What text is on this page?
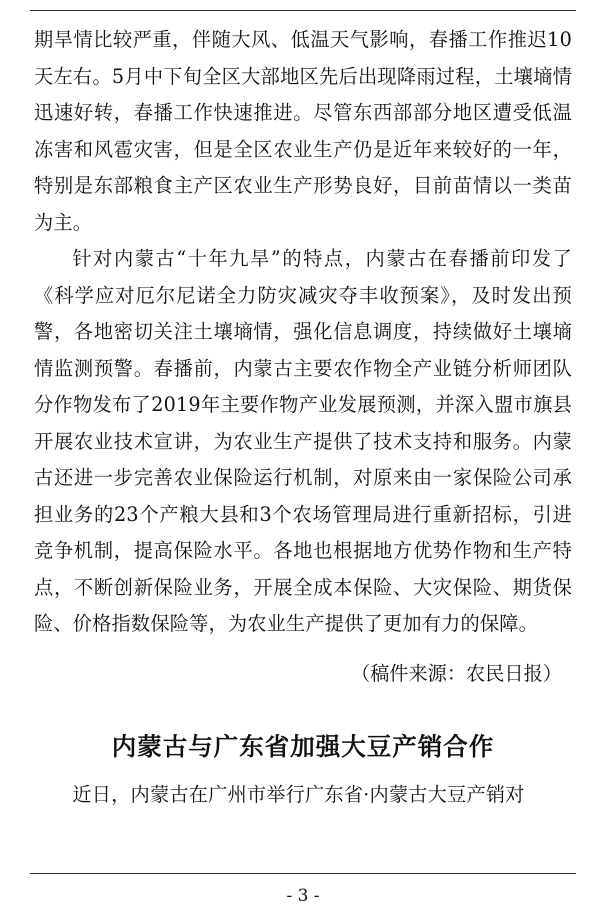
期旱情比较严重，伴随大风、低温天气影响，春播工作推迟10天左右。5月中下旬全区大部地区先后出现降雨过程，土壤墒情迅速好转，春播工作快速推进。尽管东西部部分地区遭受低温冻害和风雹灾害，但是全区农业生产仍是近年来较好的一年，特别是东部粮食主产区农业生产形势良好，目前苗情以一类苗为主。

针对内蒙古“十年九旱”的特点，内蒙古在春播前印发了《科学应对厄尔尼诺全力防灾减灾夺丰收预案》，及时发出预警，各地密切关注土壤墒情，强化信息调度，持续做好土壤墒情监测预警。春播前，内蒙古主要农作物全产业链分析师团队分作物发布了2019年主要作物产业发展预测，并深入盟市旗县开展农业技术宣讲，为农业生产提供了技术支持和服务。内蒙古还进一步完善农业保险运行机制，对原来由一家保险公司承担业务的23个产粮大县和3个农场管理局进行重新招标，引进竞争机制，提高保险水平。各地也根据地方优势作物和生产特点，不断创新保险业务，开展全成本保险、大灾保险、期货保险、价格指数保险等，为农业生产提供了更加有力的保障。

（稿件来源：农民日报）
内蒙古与广东省加强大豆产销合作

近日，内蒙古在广州市举行广东省·内蒙古大豆产销对

- 3 -
